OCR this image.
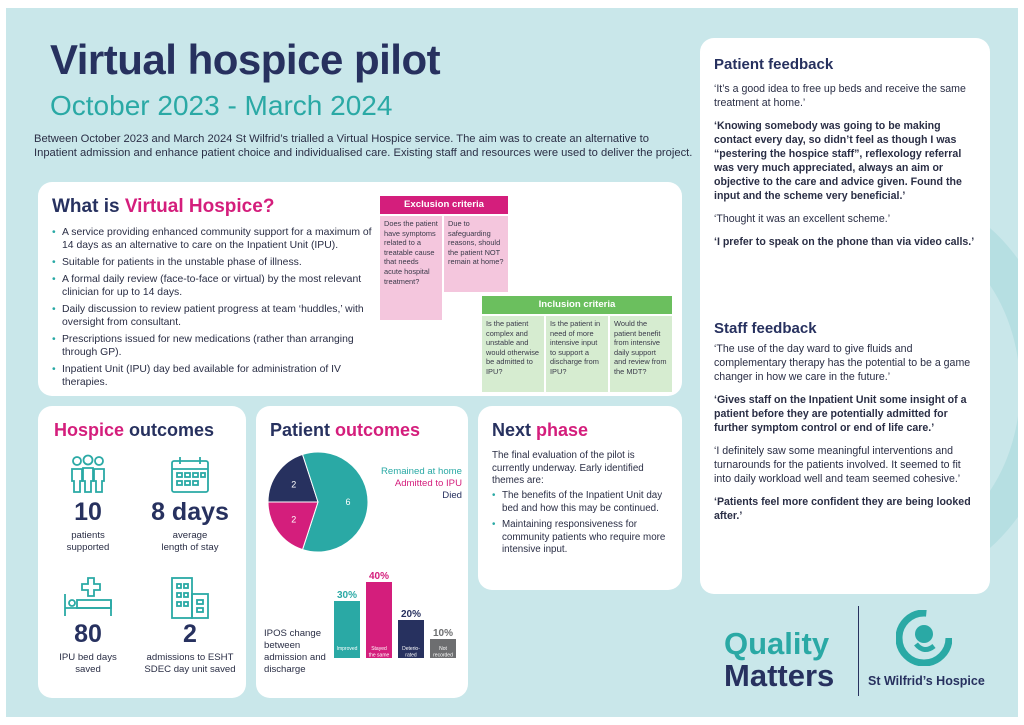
Virtual hospice pilot
October 2023 - March 2024
Between October 2023 and March 2024 St Wilfrid’s trialled a Virtual Hospice service. The aim was to create an alternative to Inpatient admission and enhance patient choice and individualised care. Existing staff and resources were used to deliver the project.
What is Virtual Hospice?
• A service providing enhanced community support for a maximum of 14 days as an alternative to care on the Inpatient Unit (IPU).
• Suitable for patients in the unstable phase of illness.
• A formal daily review (face-to-face or virtual) by the most relevant clinician for up to 14 days.
• Daily discussion to review patient progress at team ‘huddles,’ with oversight from consultant.
• Prescriptions issued for new medications (rather than arranging through GP).
• Inpatient Unit (IPU) day bed available for administration of IV therapies.
Exclusion criteria
Does the patient have symptoms related to a treatable cause that needs acute hospital treatment?
Due to safeguarding reasons, should the patient NOT remain at home?
Inclusion criteria
Is the patient complex and unstable and would otherwise be admitted to IPU?
Is the patient in need of more intensive input to support a discharge from IPU?
Would the patient benefit from intensive daily support and review from the MDT?
Hospice outcomes
10
patients
supported
8 days
average
length of stay
80
IPU bed days
saved
2
admissions to ESHT
SDEC day unit saved
Patient outcomes
2
6
2
Remained at home
Admitted to IPU
Died
IPOS change between admission and discharge
30%
Improved
40%
Stayed
the same
20%
Deterio-
rated
10%
Not
recorded
Next phase
The final evaluation of the pilot is currently underway. Early identified themes are:
• The benefits of the Inpatient Unit day bed and how this may be continued.
• Maintaining responsiveness for community patients who require more intensive input.
Patient feedback

‘It’s a good idea to free up beds and receive the same treatment at home.’

‘Knowing somebody was going to be making contact every day, so didn’t feel as though I was “pestering the hospice staff”, reflexology referral was very much appreciated, always an aim or objective to the care and advice given. Found the input and the scheme very beneficial.’

‘Thought it was an excellent scheme.’

‘I prefer to speak on the phone than via video calls.’

Staff feedback

‘The use of the day ward to give fluids and complementary therapy has the potential to be a game changer in how we care in the future.’

‘Gives staff on the Inpatient Unit some insight of a patient before they are potentially admitted for further symptom control or end of life care.’

‘I definitely saw some meaningful interventions and turnarounds for the patients involved. It seemed to fit into daily workload well and team seemed cohesive.’

‘Patients feel more confident they are being looked after.’

Quality
Matters	St Wilfrid’s Hospice
